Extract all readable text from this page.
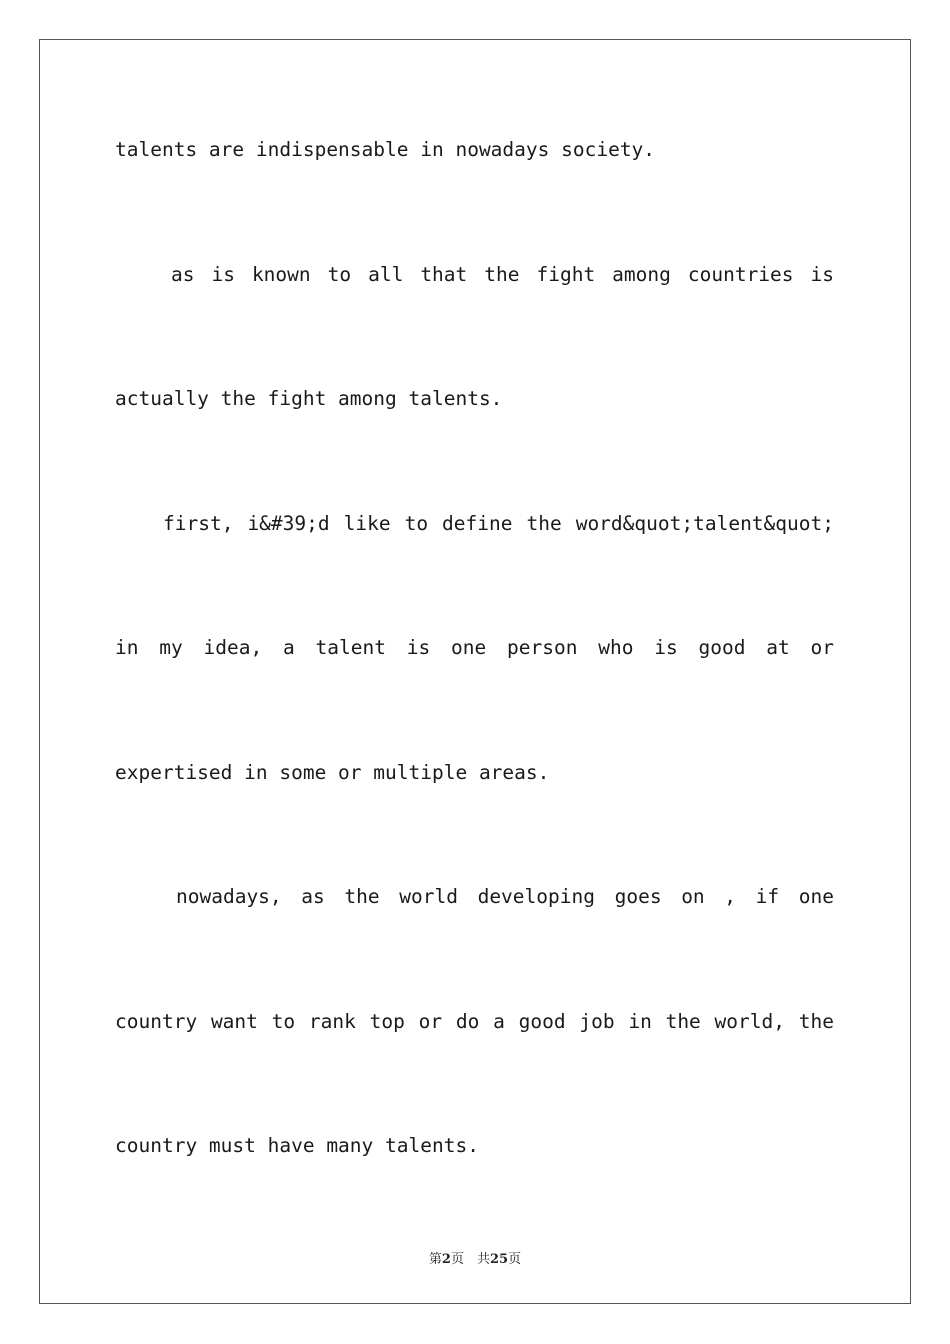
talents are indispensable in nowadays society.
as is known to all that the fight among countries is
actually the fight among talents.
first, i&#39;d like to define the word&quot;talent&quot;
in my idea, a talent is one person who is good at or
expertised in some or multiple areas.
nowadays, as the world developing goes on , if one
country want to rank top or do a good job in the world, the
country must have many talents.
第2页　共25页
